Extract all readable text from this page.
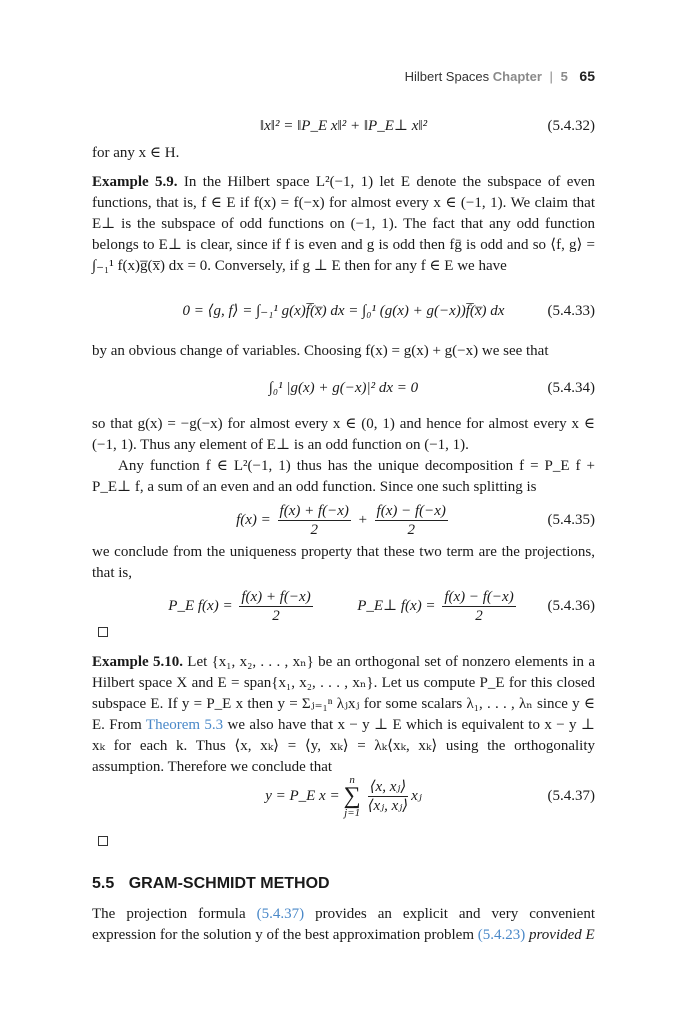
Hilbert Spaces Chapter | 5 65
‖x‖² = ‖P_E x‖² + ‖P_E⊥ x‖²	(5.4.32)
for any x ∈ H.
Example 5.9. In the Hilbert space L²(−1, 1) let E denote the subspace of even functions, that is, f ∈ E if f(x) = f(−x) for almost every x ∈ (−1, 1). We claim that E⊥ is the subspace of odd functions on (−1, 1). The fact that any odd function belongs to E⊥ is clear, since if f is even and g is odd then fḡ is odd and so ⟨f, g⟩ = ∫₋₁¹ f(x)g̅(x̅) dx = 0. Conversely, if g ⊥ E then for any f ∈ E we have
0 = ⟨g, f⟩ = ∫₋₁¹ g(x)f̅(x̅) dx = ∫₀¹ (g(x) + g(−x))f̅(x̅) dx	(5.4.33)
by an obvious change of variables. Choosing f(x) = g(x) + g(−x) we see that
∫₀¹ |g(x) + g(−x)|² dx = 0	(5.4.34)
so that g(x) = −g(−x) for almost every x ∈ (0, 1) and hence for almost every x ∈ (−1, 1). Thus any element of E⊥ is an odd function on (−1, 1).
Any function f ∈ L²(−1, 1) thus has the unique decomposition f = P_E f + P_E⊥ f, a sum of an even and an odd function. Since one such splitting is
$f(x) = \frac{f(x) + f(-x)}{2} + \frac{f(x) - f(-x)}{2}$	(5.4.35)
we conclude from the uniqueness property that these two term are the projections, that is,
P_E $f(x) = \frac{f(x) + f(-x)}{2}$	P_E⊥ $f(x) = \frac{f(x) - f(-x)}{2} (5.4.36)$
Example 5.10. Let {x₁, x₂, . . . , xₙ} be an orthogonal set of nonzero elements in a Hilbert space X and E = span{x₁, x₂, . . . , xₙ}. Let us compute P_E for this closed subspace E. If y = P_E x then y = Σⱼ₌₁ⁿ λⱼxⱼ for some scalars λ₁, . . . , λₙ since y ∈ E. From Theorem 5.3 we also have that x − y ⊥ E which is equivalent to x − y ⊥ xₖ for each k. Thus ⟨x, xₖ⟩ = ⟨y, xₖ⟩ = λₖ⟨xₖ, xₖ⟩ using the orthogonality assumption. Therefore we conclude that
y = P_E x =
n
∑
$j=1 \frac{\text{⟨x, xⱼ⟩}}{\text{⟨xⱼ, xⱼ⟩}}$ xⱼ	(5.4.37)
5.5 GRAM-SCHMIDT METHOD
The projection formula (5.4.37) provides an explicit and very convenient expression for the solution y of the best approximation problem (5.4.23) provided E
